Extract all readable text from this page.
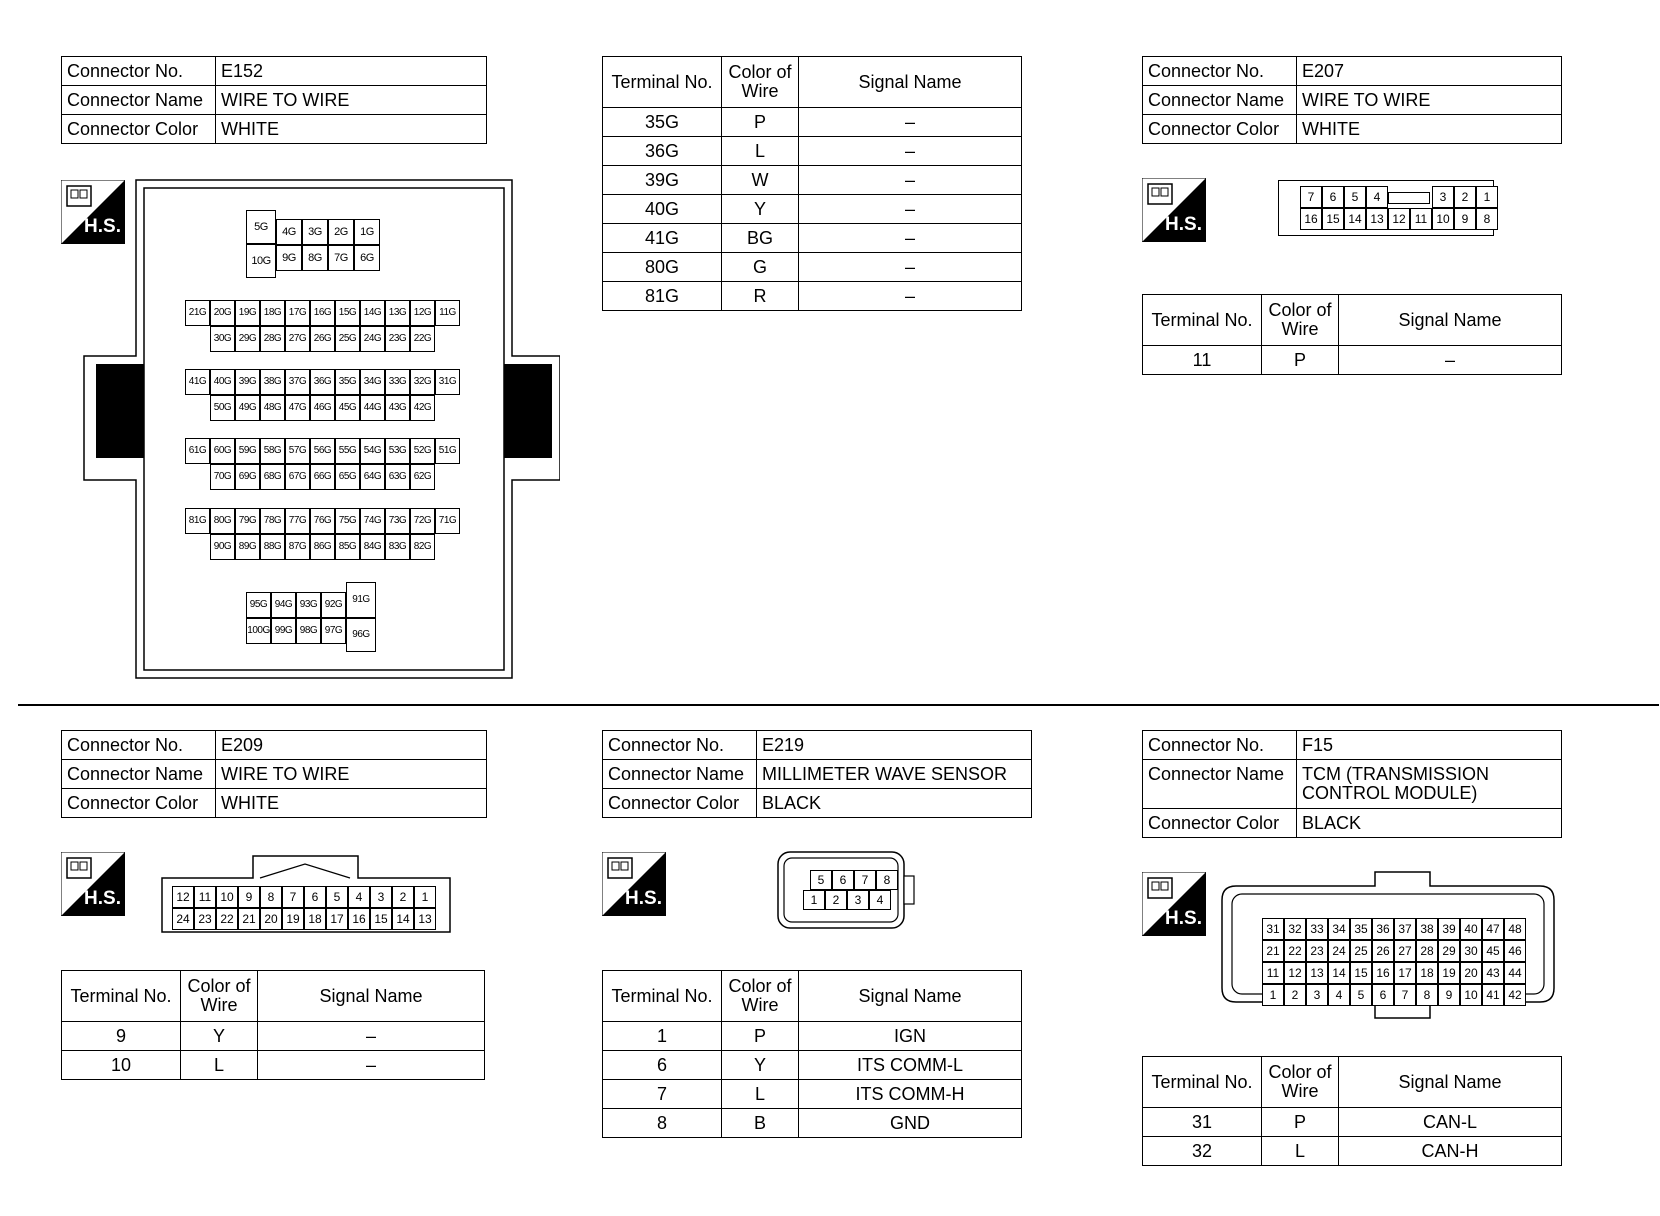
Connector No.	E152
Connector Name	WIRE TO WIRE
Connector Color	WHITE
H.S.	5G
10G
4G	3G	2G	1G
9G	8G	7G	6G
21G 20G 19G 18G 17G 16G 15G 14G 13G 12G 11G
30G 29G 28G 27G 26G 25G 24G 23G 22G
41G 40G 39G 38G 37G 36G 35G 34G 33G 32G 31G
50G 49G 48G 47G 46G 45G 44G 43G 42G
61G 60G 59G 58G 57G 56G 55G 54G 53G 52G 51G
70G 69G 68G 67G 66G 65G 64G 63G 62G
81G 80G 79G 78G 77G 76G 75G 74G 73G 72G 71G
90G 89G 88G 87G 86G 85G 84G 83G 82G
95G 94G 93G 92G
100G 99G 98G 97G
91G
96G
Terminal No.	Color of Wire	Signal Name
35G	P	–
36G	L	–
39G	W	–
40G	Y	–
41G	BG	–
80G	G	–
81G	R	–
Connector No.	E207
Connector Name	WIRE TO WIRE
Connector Color	WHITE
H.S.
7	6	5	4	3	2	1
16 15 14 13 12 11 10 9	8
Terminal No.	Color of Wire	Signal Name
11	P	–
Connector No.	E209
Connector Name	WIRE TO WIRE
Connector Color	WHITE
H.S.	12 11 10 9	8	7	6	5	4	3	2	1
24 23 22 21 20 19 18 17 16 15 14 13
Terminal No.	Color of Wire	Signal Name
9	Y	–
10	L	–
Connector No.	E219
Connector Name	MILLIMETER WAVE SENSOR
Connector Color	BLACK
H.S.
5	6	7	8
1	2	3	4
Terminal No.	Color of Wire	Signal Name
1	P	IGN
6	Y	ITS COMM-L
7	L	ITS COMM-H
8	B	GND
Connector No.	F15
Connector Name	TCM (TRANSMISSION CONTROL MODULE)
Connector Color	BLACK
H.S.	31 32 33 34 35 36 37 38 39 40 47 48
21 22 23 24 25 26 27 28 29 30 45 46
11 12 13 14 15 16 17 18 19 20 43 44
1	2	3	4	5	6	7	8	9 10 41 42
Terminal No.	Color of Wire	Signal Name
31	P	CAN-L
32	L	CAN-H
